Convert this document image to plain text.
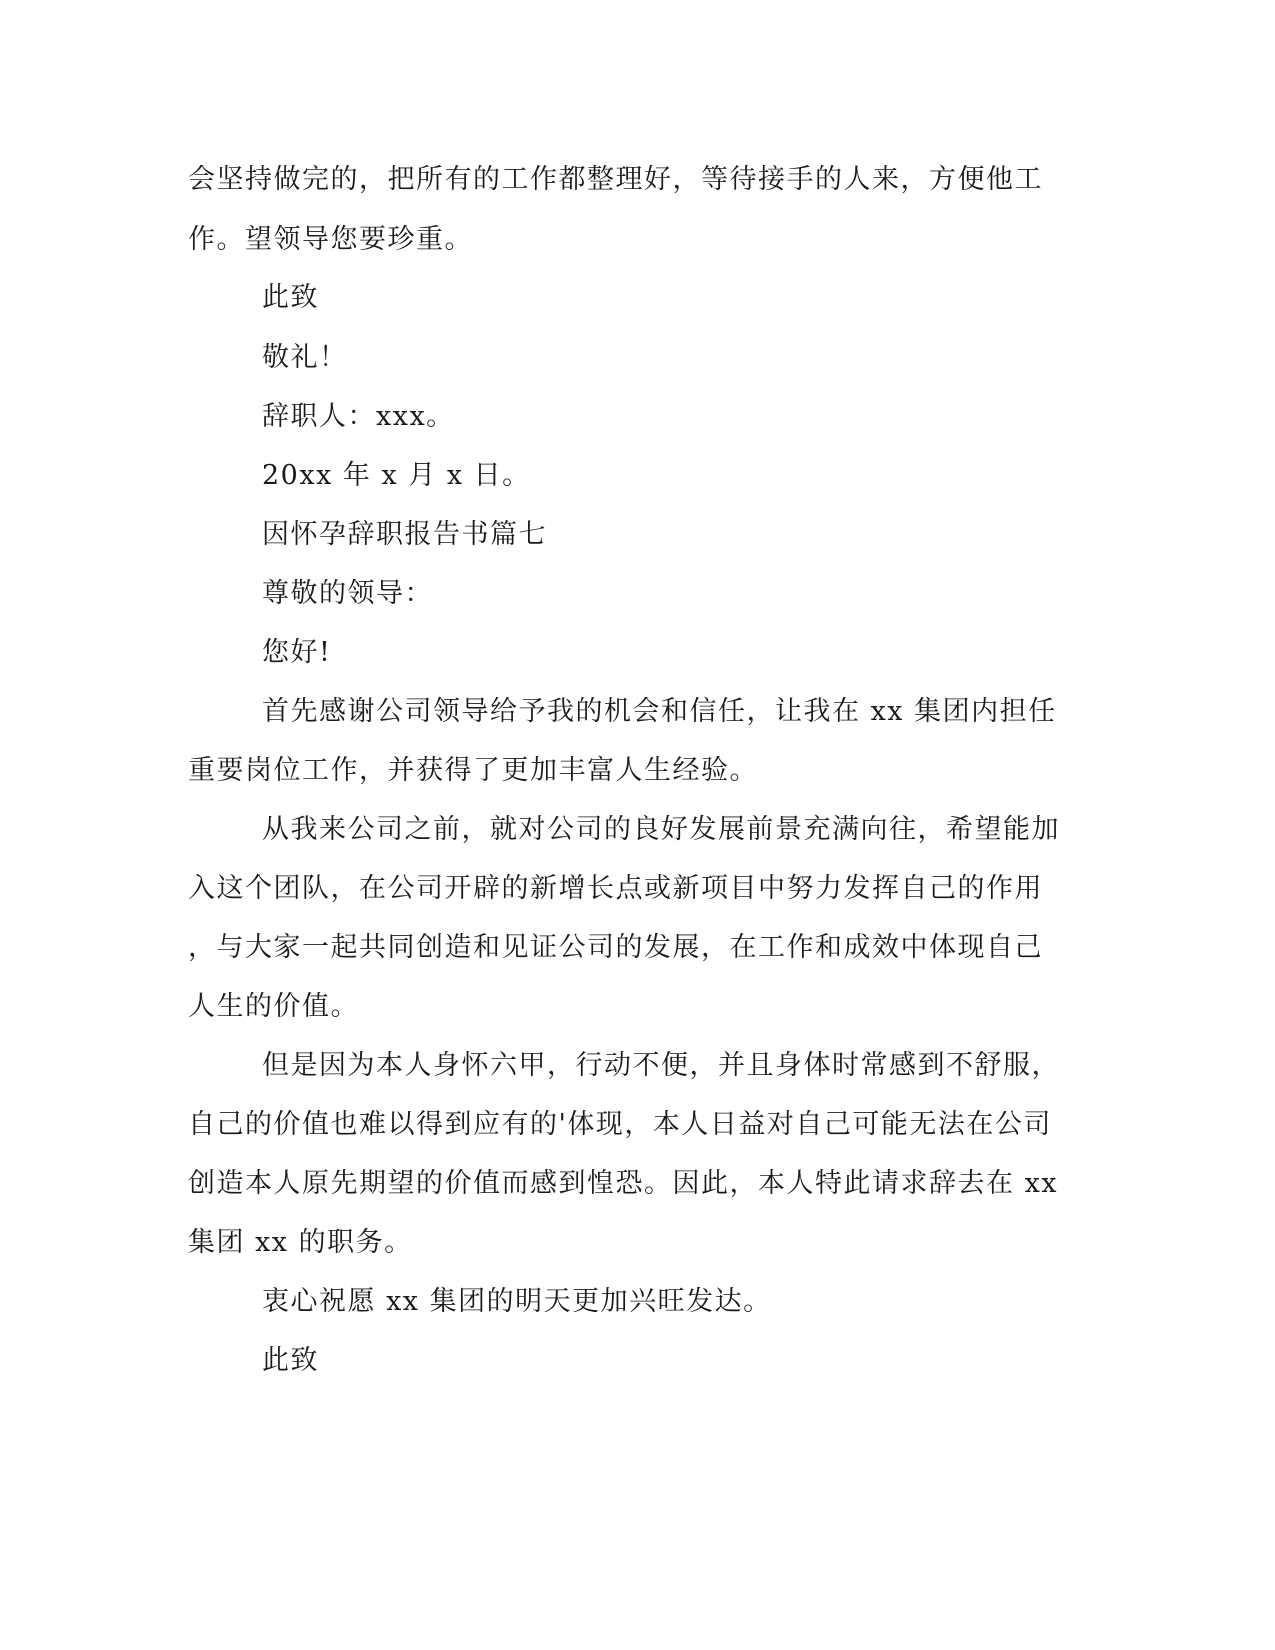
会坚持做完的，把所有的工作都整理好，等待接手的人来，方便他工
作。望领导您要珍重。
此致
敬礼！
辞职人：xxx。
20xx 年 x 月 x 日。
因怀孕辞职报告书篇七
尊敬的领导：
您好!
首先感谢公司领导给予我的机会和信任，让我在 xx 集团内担任
重要岗位工作，并获得了更加丰富人生经验。
从我来公司之前，就对公司的良好发展前景充满向往，希望能加
入这个团队，在公司开辟的新增长点或新项目中努力发挥自己的作用
，与大家一起共同创造和见证公司的发展，在工作和成效中体现自己
人生的价值。
但是因为本人身怀六甲，行动不便，并且身体时常感到不舒服，
自己的价值也难以得到应有的'体现，本人日益对自己可能无法在公司
创造本人原先期望的价值而感到惶恐。因此，本人特此请求辞去在 xx
集团 xx 的职务。
衷心祝愿 xx 集团的明天更加兴旺发达。
此致
